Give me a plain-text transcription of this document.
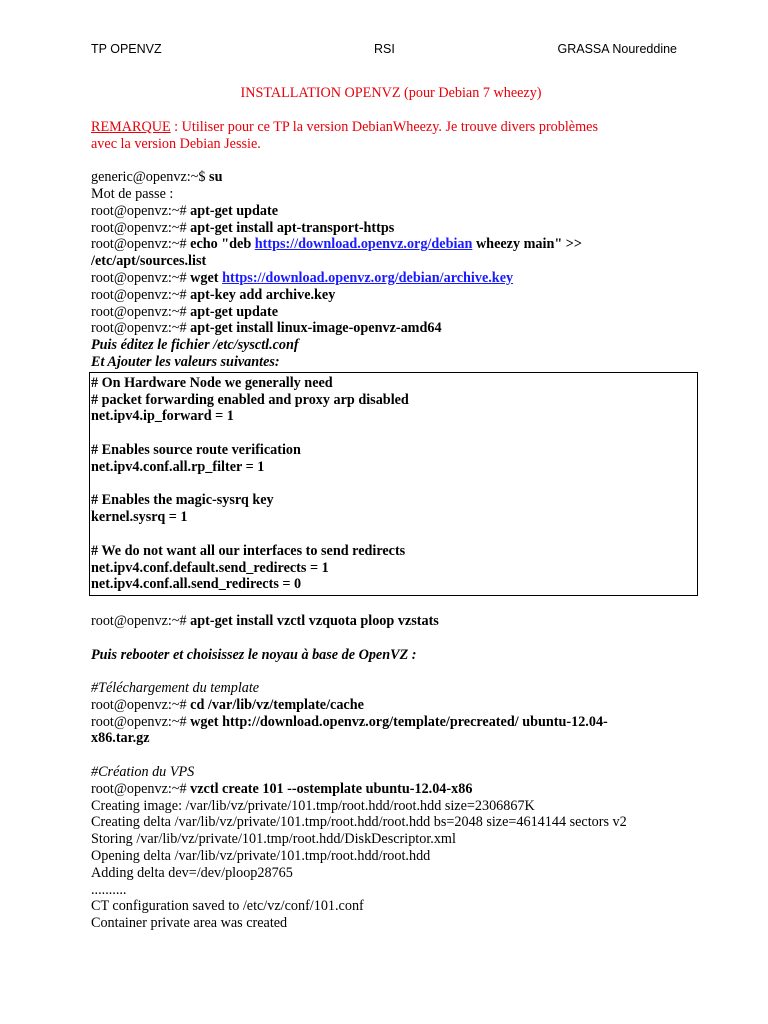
TP OPENVZ	RSI	GRASSA Noureddine
INSTALLATION OPENVZ (pour Debian 7 wheezy)
REMARQUE : Utiliser pour ce TP la version DebianWheezy. Je trouve divers problèmes
avec la version Debian Jessie.
generic@openvz:~$ su
Mot de passe :
root@openvz:~# apt-get update
root@openvz:~# apt-get install apt-transport-https
root@openvz:~# echo "deb https://download.openvz.org/debian wheezy main" >>
/etc/apt/sources.list
root@openvz:~# wget https://download.openvz.org/debian/archive.key
root@openvz:~# apt-key add archive.key
root@openvz:~# apt-get update
root@openvz:~# apt-get install linux-image-openvz-amd64
Puis éditez le fichier /etc/sysctl.conf
Et Ajouter les valeurs suivantes:
# On Hardware Node we generally need
# packet forwarding enabled and proxy arp disabled
net.ipv4.ip_forward = 1
# Enables source route verification
net.ipv4.conf.all.rp_filter = 1
# Enables the magic-sysrq key
kernel.sysrq = 1
# We do not want all our interfaces to send redirects
net.ipv4.conf.default.send_redirects = 1
net.ipv4.conf.all.send_redirects = 0
root@openvz:~# apt-get install vzctl vzquota ploop vzstats
Puis rebooter et choisissez le noyau à base de OpenVZ :
#Téléchargement du template
root@openvz:~# cd /var/lib/vz/template/cache
root@openvz:~# wget http://download.openvz.org/template/precreated/ ubuntu-12.04-
x86.tar.gz
#Création du VPS
root@openvz:~# vzctl create 101 --ostemplate ubuntu-12.04-x86
Creating image: /var/lib/vz/private/101.tmp/root.hdd/root.hdd size=2306867K
Creating delta /var/lib/vz/private/101.tmp/root.hdd/root.hdd bs=2048 size=4614144 sectors v2
Storing /var/lib/vz/private/101.tmp/root.hdd/DiskDescriptor.xml
Opening delta /var/lib/vz/private/101.tmp/root.hdd/root.hdd
Adding delta dev=/dev/ploop28765
..........
CT configuration saved to /etc/vz/conf/101.conf
Container private area was created
